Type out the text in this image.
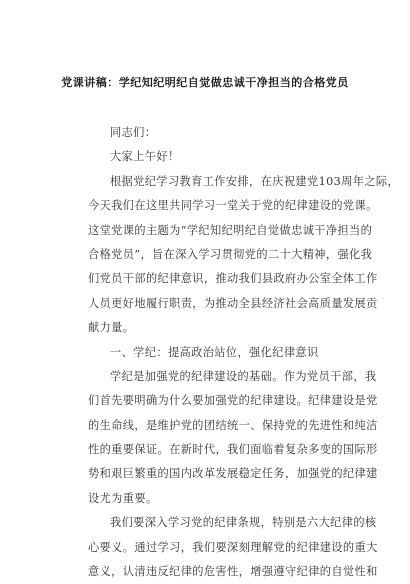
党课讲稿：学纪知纪明纪自觉做忠诚干净担当的合格党员
同志们：
大家上午好！
根据党纪学习教育工作安排，在庆祝建党103周年之际，
今天我们在这里共同学习一堂关于党的纪律建设的党课。
这堂党课的主题为“学纪知纪明纪自觉做忠诚干净担当的
合格党员”，旨在深入学习贯彻党的二十大精神，强化我
们党员干部的纪律意识，推动我们县政府办公室全体工作
人员更好地履行职责，为推动全县经济社会高质量发展贡
献力量。
一、学纪：提高政治站位，强化纪律意识
学纪是加强党的纪律建设的基础。作为党员干部，我
们首先要明确为什么要加强党的纪律建设。纪律建设是党
的生命线，是维护党的团结统一、保持党的先进性和纯洁
性的重要保证。在新时代，我们面临着复杂多变的国际形
势和艰巨繁重的国内改革发展稳定任务，加强党的纪律建
设尤为重要。
我们要深入学习党的纪律条规，特别是六大纪律的核
心要义。通过学习，我们要深刻理解党的纪律建设的重大
意义，认清违反纪律的危害性，增强遵守纪律的自觉性和
